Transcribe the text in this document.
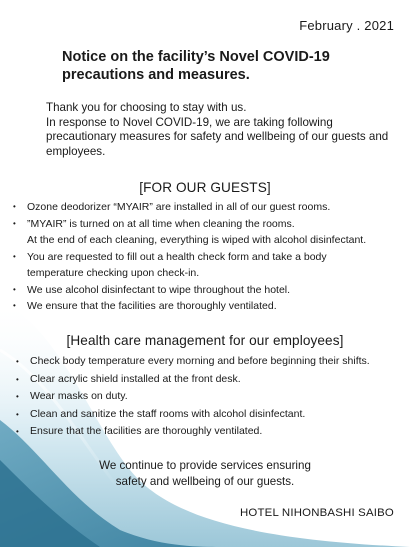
February . 2021
Notice on the facility’s Novel COVID-19 precautions and measures.

Thank you for choosing to stay with us.

In response to Novel COVID-19, we are taking following precautionary measures for safety and wellbeing of our guests and employees.

[FOR OUR GUESTS]
• Ozone deodorizer “MYAIR” are installed in all of our guest rooms.
• ”MYAIR” is turned on at all time when cleaning the rooms.
At the end of each cleaning, everything is wiped with alcohol disinfectant.
• You are requested to fill out a health check form and take a body
temperature checking upon check-in.
• We use alcohol disinfectant to wipe throughout the hotel.
• We ensure that the facilities are thoroughly ventilated.
[Health care management for our employees]
• Check body temperature every morning and before beginning their shifts.
• Clear acrylic shield installed at the front desk.
• Wear masks on duty.
• Clean and sanitize the staff rooms with alcohol disinfectant.
• Ensure that the facilities are thoroughly ventilated.

We continue to provide services ensuring

safety and wellbeing of our guests.

HOTEL NIHONBASHI SAIBO
